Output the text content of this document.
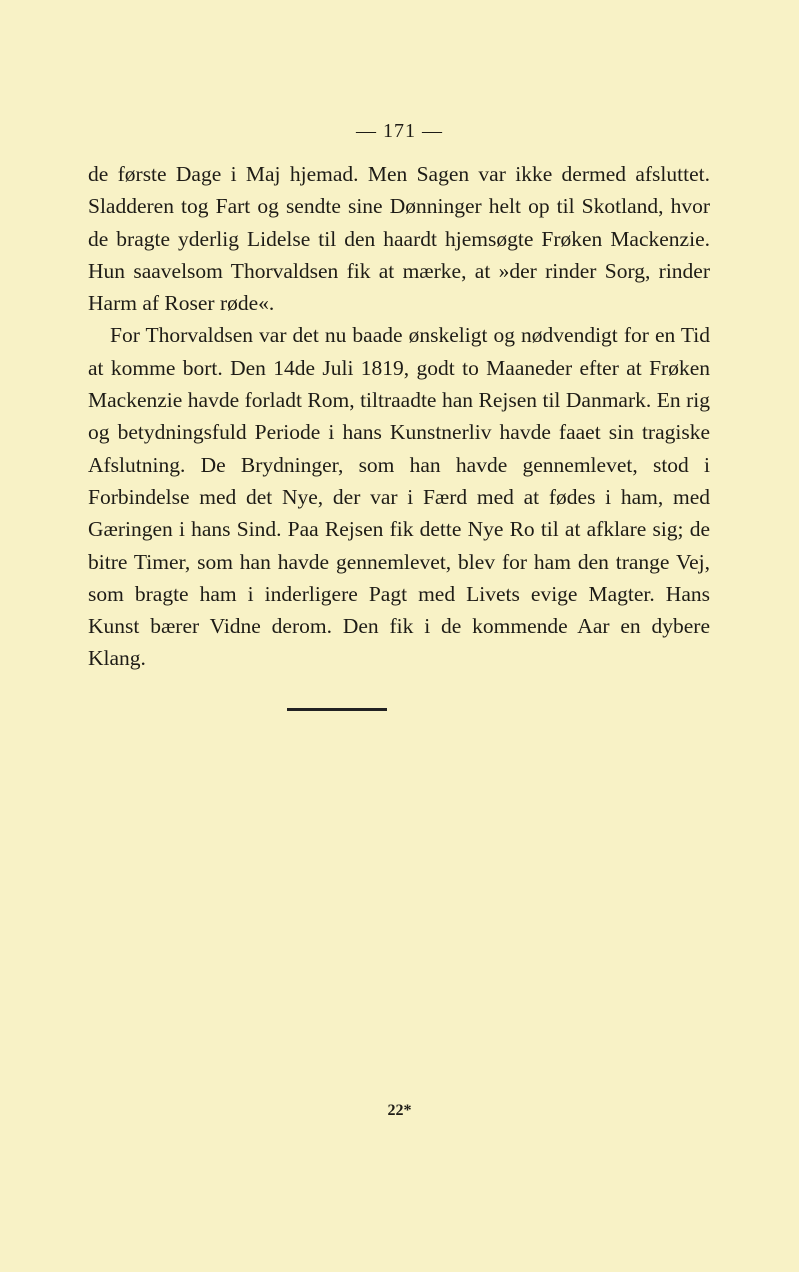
— 171 —

de første Dage i Maj hjemad. Men Sagen var ikke dermed afsluttet. Sladderen tog Fart og sendte sine Dønninger helt op til Skotland, hvor de bragte yderlig Lidelse til den haardt hjemsøgte Frøken Mackenzie. Hun saavelsom Thorvaldsen fik at mærke, at »der rinder Sorg, rinder Harm af Roser røde«.

For Thorvaldsen var det nu baade ønskeligt og nødvendigt for en Tid at komme bort. Den 14de Juli 1819, godt to Maaneder efter at Frøken Mackenzie havde forladt Rom, tiltraadte han Rejsen til Danmark. En rig og betydningsfuld Periode i hans Kunstnerliv havde faaet sin tragiske Afslutning. De Brydninger, som han havde gennemlevet, stod i Forbindelse med det Nye, der var i Færd med at fødes i ham, med Gæringen i hans Sind. Paa Rejsen fik dette Nye Ro til at afklare sig; de bitre Timer, som han havde gennemlevet, blev for ham den trange Vej, som bragte ham i inderligere Pagt med Livets evige Magter. Hans Kunst bærer Vidne derom. Den fik i de kommende Aar en dybere Klang.

22*
